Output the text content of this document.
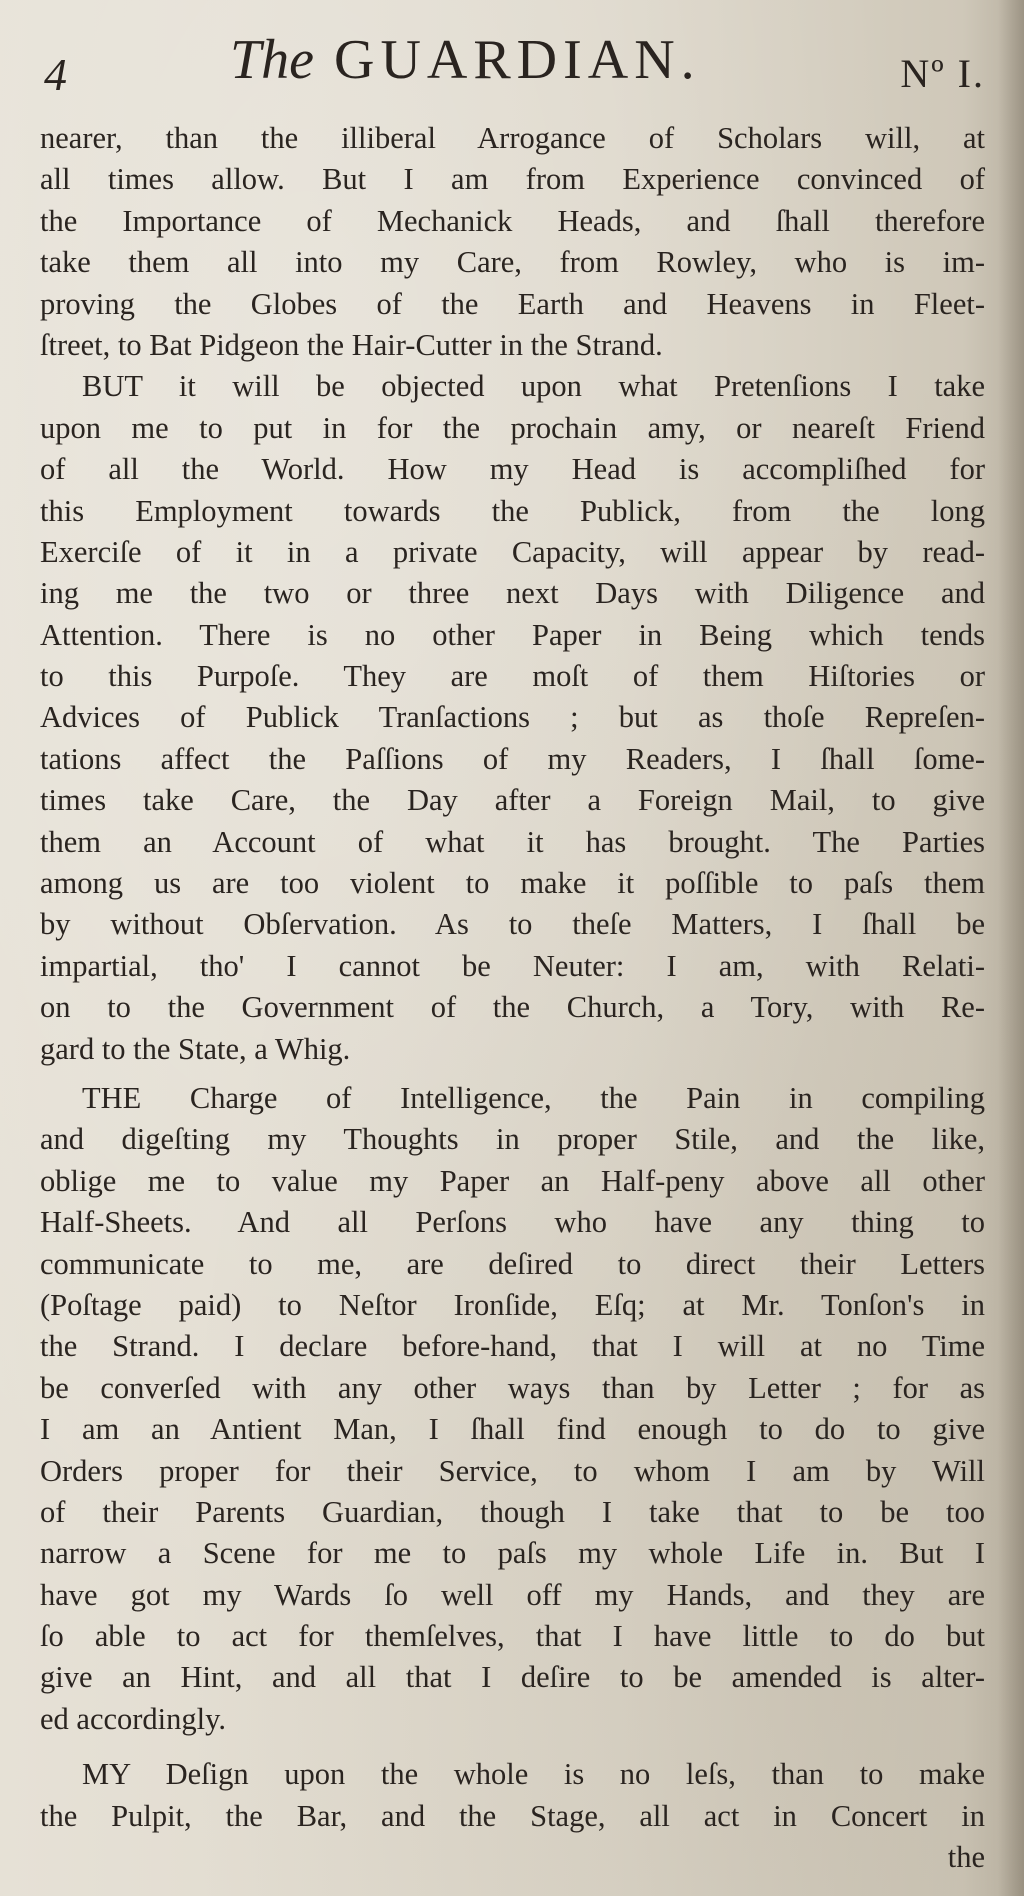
4	The GUARDIAN.	Nº I.
nearer, than the illiberal Arrogance of Scholars will, at
all times allow. But I am from Experience convinced of
the Importance of Mechanick Heads, and ſhall therefore
take them all into my Care, from Rowley, who is im-
proving the Globes of the Earth and Heavens in Fleet-
ſtreet, to Bat Pidgeon the Hair-Cutter in the Strand.
BUT it will be objected upon what Pretenſions I take
upon me to put in for the prochain amy, or neareſt Friend
of all the World. How my Head is accompliſhed for
this Employment towards the Publick, from the long
Exerciſe of it in a private Capacity, will appear by read-
ing me the two or three next Days with Diligence and
Attention. There is no other Paper in Being which tends
to this Purpoſe. They are moſt of them Hiſtories or
Advices of Publick Tranſactions ; but as thoſe Repreſen-
tations affect the Paſſions of my Readers, I ſhall ſome-
times take Care, the Day after a Foreign Mail, to give
them an Account of what it has brought. The Parties
among us are too violent to make it poſſible to paſs them
by without Obſervation. As to theſe Matters, I ſhall be
impartial, tho' I cannot be Neuter: I am, with Relati-
on to the Government of the Church, a Tory, with Re-
gard to the State, a Whig.
THE Charge of Intelligence, the Pain in compiling
and digeſting my Thoughts in proper Stile, and the like,
oblige me to value my Paper an Half-peny above all other
Half-Sheets. And all Perſons who have any thing to
communicate to me, are deſired to direct their Letters
(Poſtage paid) to Neſtor Ironſide, Eſq; at Mr. Tonſon's in
the Strand. I declare before-hand, that I will at no Time
be converſed with any other ways than by Letter ; for as
I am an Antient Man, I ſhall find enough to do to give
Orders proper for their Service, to whom I am by Will
of their Parents Guardian, though I take that to be too
narrow a Scene for me to paſs my whole Life in. But I
have got my Wards ſo well off my Hands, and they are
ſo able to act for themſelves, that I have little to do but
give an Hint, and all that I deſire to be amended is alter-
ed accordingly.
MY Deſign upon the whole is no leſs, than to make
the Pulpit, the Bar, and the Stage, all act in Concert in
the
